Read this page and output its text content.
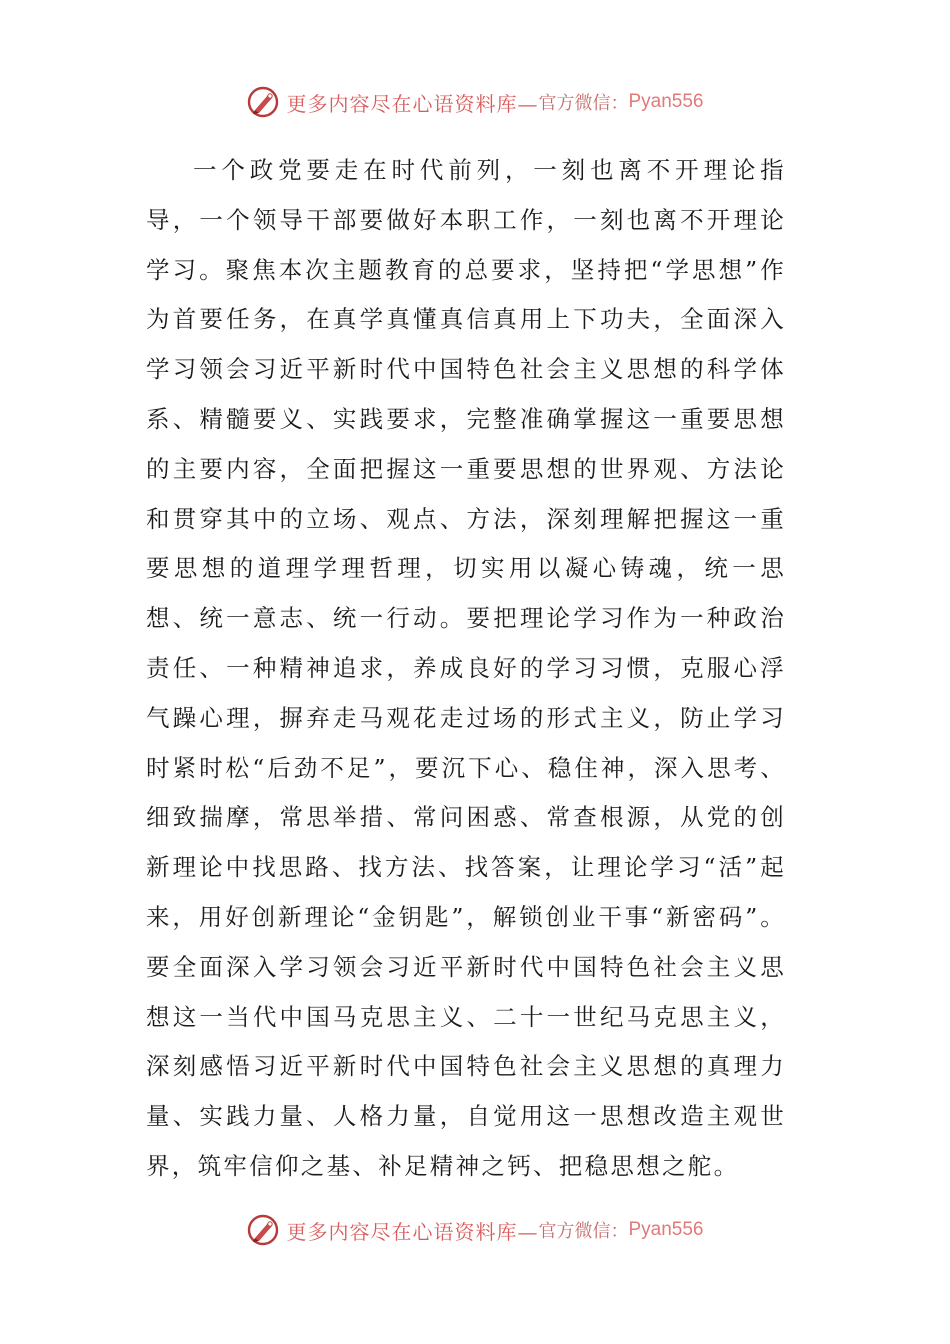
更多内容尽在心语资料库— 官方微信： Pyan556
一个政党要走在时代前列，一刻也离不开理论指导，一个领导干部要做好本职工作，一刻也离不开理论学习。聚焦本次主题教育的总要求，坚持把“学思想”作为首要任务，在真学真懂真信真用上下功夫，全面深入学习领会习近平新时代中国特色社会主义思想的科学体系、精髓要义、实践要求，完整准确掌握这一重要思想的主要内容，全面把握这一重要思想的世界观、方法论和贯穿其中的立场、观点、方法，深刻理解把握这一重要思想的道理学理哲理，切实用以凝心铸魂，统一思想、统一意志、统一行动。要把理论学习作为一种政治责任、一种精神追求，养成良好的学习习惯，克服心浮气躁心理，摒弃走马观花走过场的形式主义，防止学习时紧时松“后劲不足”，要沉下心、稳住神，深入思考、细致揣摩，常思举措、常问困惑、常查根源，从党的创新理论中找思路、找方法、找答案，让理论学习“活”起来，用好创新理论“金钥匙”，解锁创业干事“新密码”。要全面深入学习领会习近平新时代中国特色社会主义思想这一当代中国马克思主义、二十一世纪马克思主义，深刻感悟习近平新时代中国特色社会主义思想的真理力量、实践力量、人格力量，自觉用这一思想改造主观世界，筑牢信仰之基、补足精神之钙、把稳思想之舵。
更多内容尽在心语资料库— 官方微信： Pyan556
